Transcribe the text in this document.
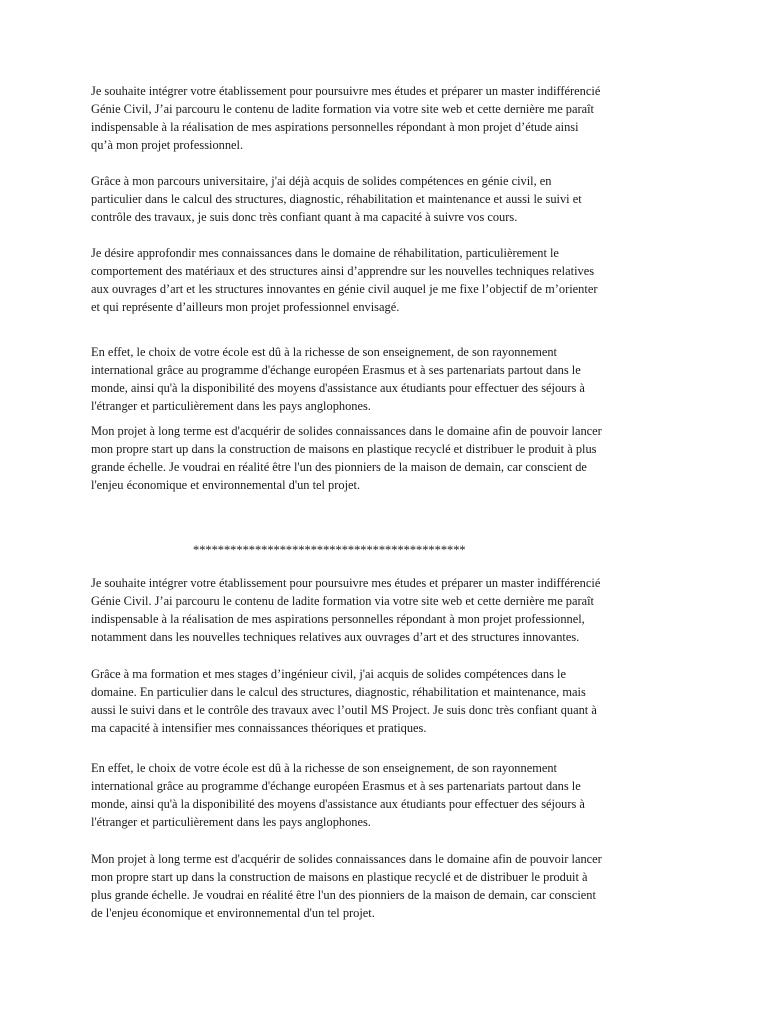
Je souhaite intégrer votre établissement pour poursuivre mes études et préparer un master indifférencié
Génie Civil, J’ai parcouru le contenu de ladite formation via votre site web et cette dernière me paraît
indispensable à la réalisation de mes aspirations personnelles répondant à mon projet d’étude ainsi
qu’à mon projet professionnel.

Grâce à mon parcours universitaire, j'ai déjà acquis de solides compétences en génie civil, en
particulier dans le calcul des structures, diagnostic, réhabilitation et maintenance et aussi le suivi et
contrôle des travaux, je suis donc très confiant quant à ma capacité à suivre vos cours.

Je désire approfondir mes connaissances dans le domaine de réhabilitation, particulièrement le
comportement des matériaux et des structures ainsi d’apprendre sur les nouvelles techniques relatives
aux ouvrages d’art et les structures innovantes en génie civil auquel je me fixe l’objectif de m’orienter
et qui représente d’ailleurs mon projet professionnel envisagé.

En effet, le choix de votre école est dû à la richesse de son enseignement, de son rayonnement
international grâce au programme d'échange européen Erasmus et à ses partenariats partout dans le
monde, ainsi qu'à la disponibilité des moyens d'assistance aux étudiants pour effectuer des séjours à
l'étranger et particulièrement dans les pays anglophones.

Mon projet à long terme est d'acquérir de solides connaissances dans le domaine afin de pouvoir lancer
mon propre start up dans la construction de maisons en plastique recyclé et distribuer le produit à plus
grande échelle. Je voudrai en réalité être l'un des pionniers de la maison de demain, car conscient de
l'enjeu économique et environnemental d'un tel projet.

********************************************

Je souhaite intégrer votre établissement pour poursuivre mes études et préparer un master indifférencié
Génie Civil. J’ai parcouru le contenu de ladite formation via votre site web et cette dernière me paraît
indispensable à la réalisation de mes aspirations personnelles répondant à mon projet professionnel,
notamment dans les nouvelles techniques relatives aux ouvrages d’art et des structures innovantes.

Grâce à ma formation et mes stages d’ingénieur civil, j'ai acquis de solides compétences dans le
domaine. En particulier dans le calcul des structures, diagnostic, réhabilitation et maintenance, mais
aussi le suivi dans et le contrôle des travaux avec l’outil MS Project. Je suis donc très confiant quant à
ma capacité à intensifier mes connaissances théoriques et pratiques.

En effet, le choix de votre école est dû à la richesse de son enseignement, de son rayonnement
international grâce au programme d'échange européen Erasmus et à ses partenariats partout dans le
monde, ainsi qu'à la disponibilité des moyens d'assistance aux étudiants pour effectuer des séjours à
l'étranger et particulièrement dans les pays anglophones.

Mon projet à long terme est d'acquérir de solides connaissances dans le domaine afin de pouvoir lancer
mon propre start up dans la construction de maisons en plastique recyclé et de distribuer le produit à
plus grande échelle. Je voudrai en réalité être l'un des pionniers de la maison de demain, car conscient
de l'enjeu économique et environnemental d'un tel projet.
